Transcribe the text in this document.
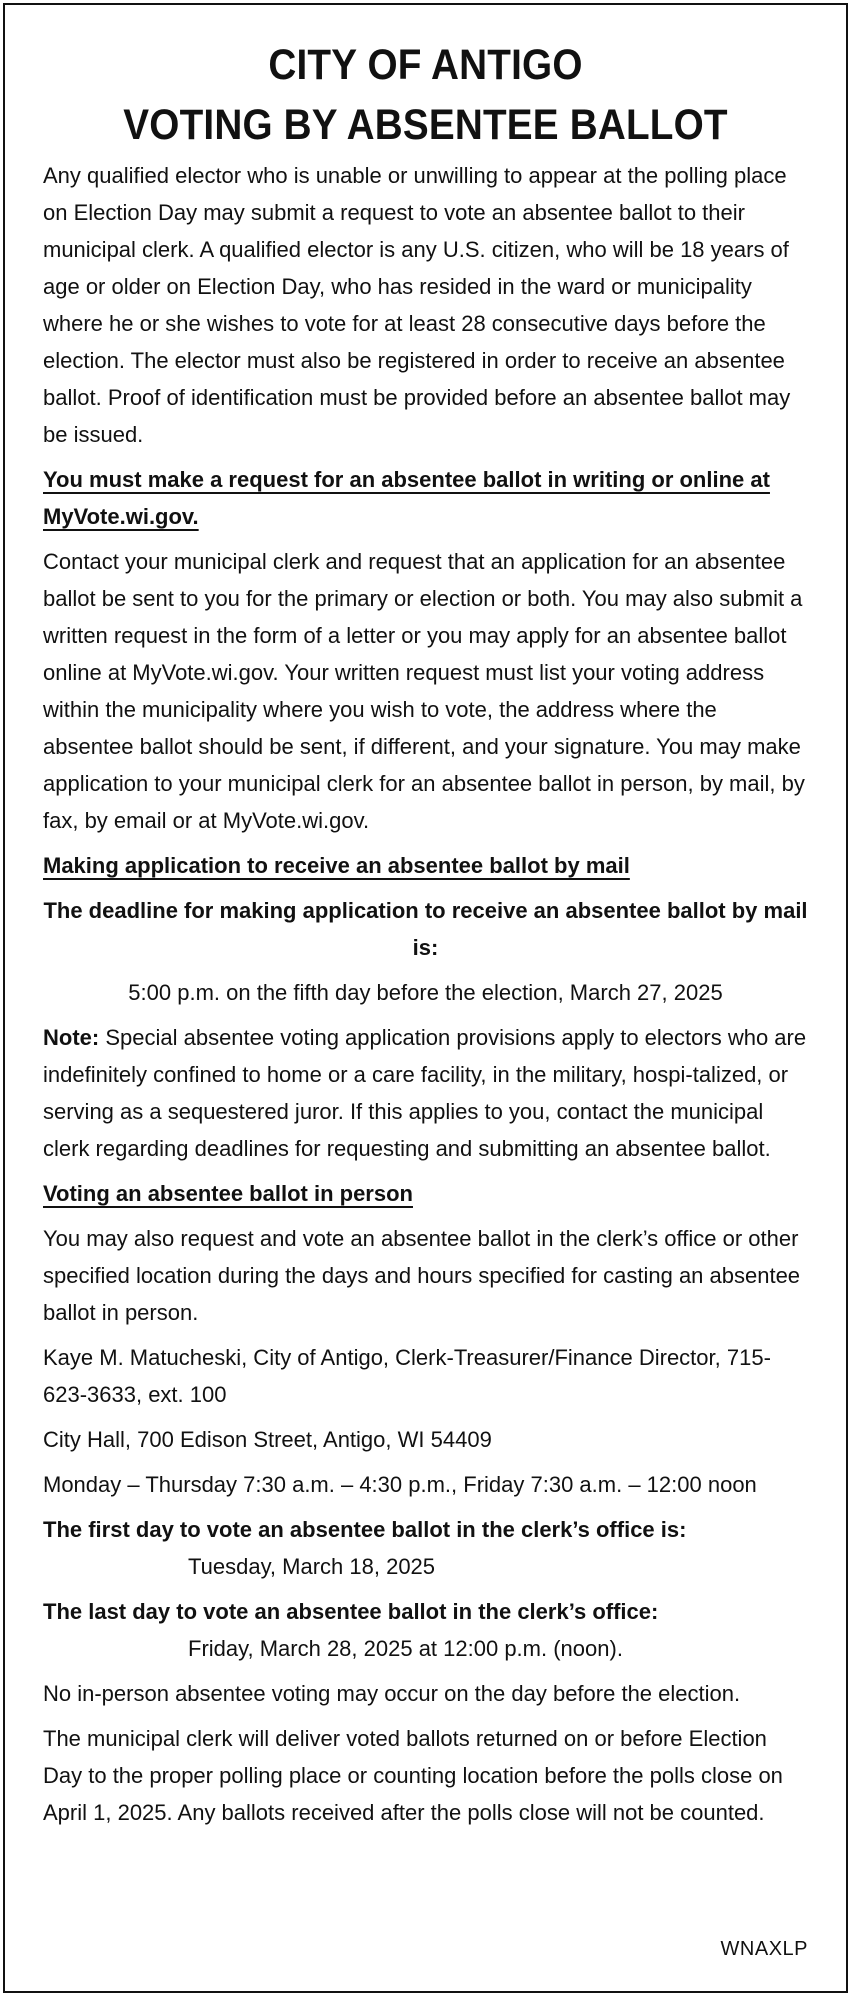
CITY OF ANTIGO
VOTING BY ABSENTEE BALLOT

Any qualified elector who is unable or unwilling to appear at the polling place on Election Day may submit a request to vote an absentee ballot to their municipal clerk. A qualified elector is any U.S. citizen, who will be 18 years of age or older on Election Day, who has resided in the ward or municipality where he or she wishes to vote for at least 28 consecutive days before the election. The elector must also be registered in order to receive an absentee ballot. Proof of identification must be provided before an absentee ballot may be issued.

You must make a request for an absentee ballot in writing or online at MyVote.wi.gov.

Contact your municipal clerk and request that an application for an absentee ballot be sent to you for the primary or election or both. You may also submit a written request in the form of a letter or you may apply for an absentee ballot online at MyVote.wi.gov. Your written request must list your voting address within the municipality where you wish to vote, the address where the absentee ballot should be sent, if different, and your signature. You may make application to your municipal clerk for an absentee ballot in person, by mail, by fax, by email or at MyVote.wi.gov.

Making application to receive an absentee ballot by mail

The deadline for making application to receive an absentee ballot by mail is:

5:00 p.m. on the fifth day before the election, March 27, 2025

Note: Special absentee voting application provisions apply to electors who are indefinitely confined to home or a care facility, in the military, hospi-talized, or serving as a sequestered juror. If this applies to you, contact the municipal clerk regarding deadlines for requesting and submitting an absentee ballot.

Voting an absentee ballot in person

You may also request and vote an absentee ballot in the clerk’s office or other specified location during the days and hours specified for casting an absentee ballot in person.

Kaye M. Matucheski, City of Antigo, Clerk-Treasurer/Finance Director, 715-623-3633, ext. 100

City Hall, 700 Edison Street, Antigo, WI 54409

Monday – Thursday 7:30 a.m. – 4:30 p.m., Friday 7:30 a.m. – 12:00 noon

The first day to vote an absentee ballot in the clerk’s office is:

Tuesday, March 18, 2025

The last day to vote an absentee ballot in the clerk’s office:

Friday, March 28, 2025 at 12:00 p.m. (noon).

No in-person absentee voting may occur on the day before the election.

The municipal clerk will deliver voted ballots returned on or before Election Day to the proper polling place or counting location before the polls close on April 1, 2025. Any ballots received after the polls close will not be counted.

WNAXLP
